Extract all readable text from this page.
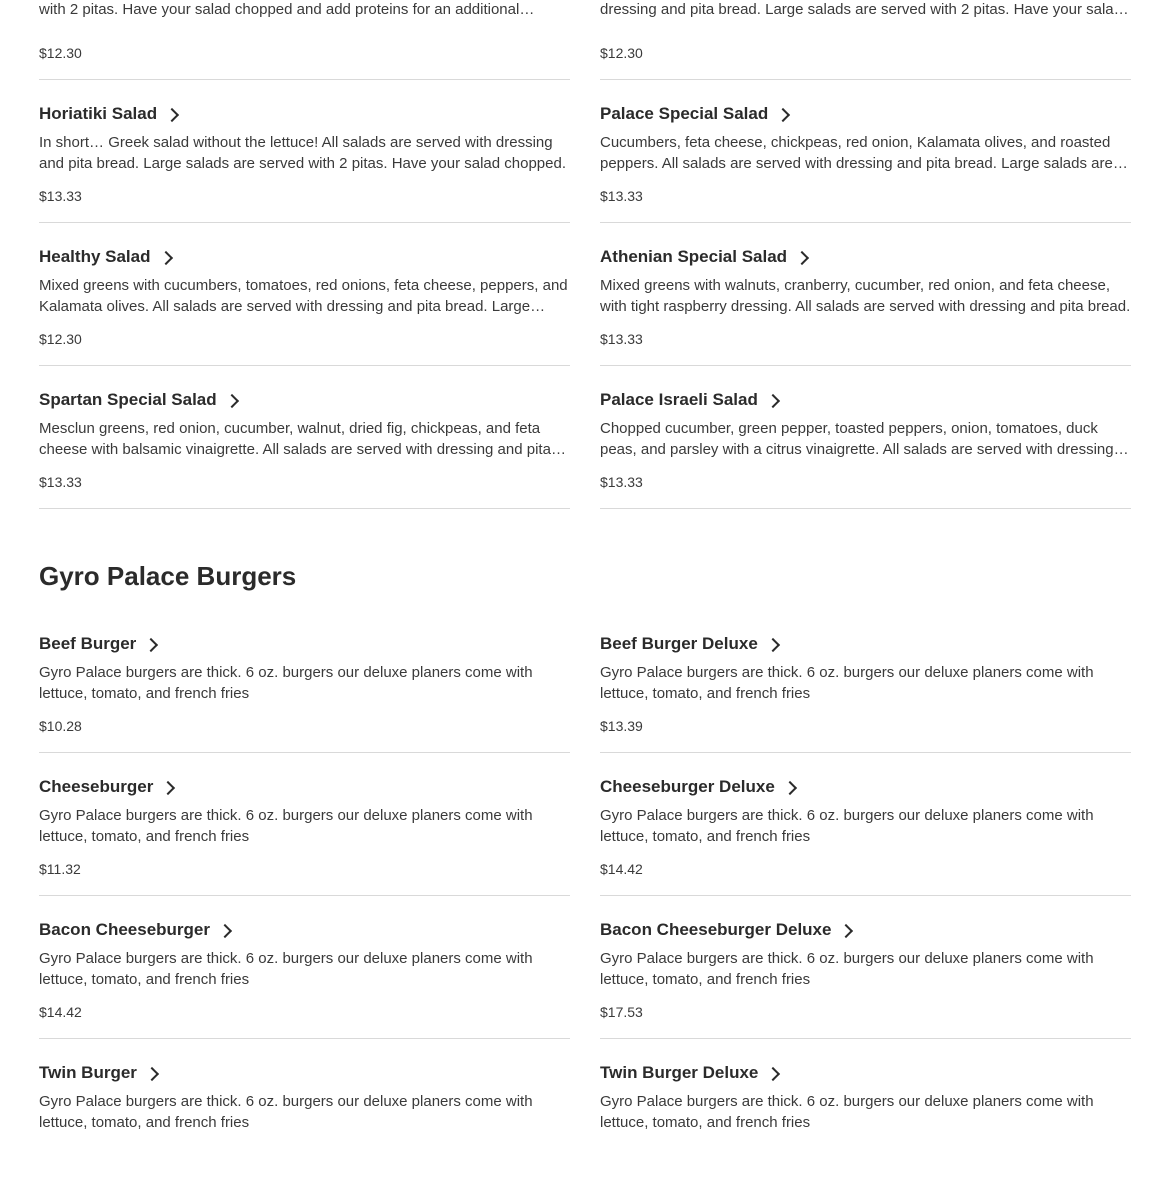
with 2 pitas. Have your salad chopped and add proteins for an additional
$12.30
dressing and pita bread. Large salads are served with 2 pitas. Have your salad
$12.30
Horiatiki Salad
In short… Greek salad without the lettuce! All salads are served with dressing and pita bread. Large salads are served with 2 pitas. Have your salad chopped.
$13.33
Palace Special Salad
Cucumbers, feta cheese, chickpeas, red onion, Kalamata olives, and roasted peppers. All salads are served with dressing and pita bread. Large salads are
$13.33
Healthy Salad
Mixed greens with cucumbers, tomatoes, red onions, feta cheese, peppers, and Kalamata olives. All salads are served with dressing and pita bread. Large
$12.30
Athenian Special Salad
Mixed greens with walnuts, cranberry, cucumber, red onion, and feta cheese, with tight raspberry dressing. All salads are served with dressing and pita bread.
$13.33
Spartan Special Salad
Mesclun greens, red onion, cucumber, walnut, dried fig, chickpeas, and feta cheese with balsamic vinaigrette. All salads are served with dressing and pita
$13.33
Palace Israeli Salad
Chopped cucumber, green pepper, toasted peppers, onion, tomatoes, duck peas, and parsley with a citrus vinaigrette. All salads are served with dressing
$13.33
Gyro Palace Burgers
Beef Burger
Gyro Palace burgers are thick. 6 oz. burgers our deluxe planers come with lettuce, tomato, and french fries
$10.28
Beef Burger Deluxe
Gyro Palace burgers are thick. 6 oz. burgers our deluxe planers come with lettuce, tomato, and french fries
$13.39
Cheeseburger
Gyro Palace burgers are thick. 6 oz. burgers our deluxe planers come with lettuce, tomato, and french fries
$11.32
Cheeseburger Deluxe
Gyro Palace burgers are thick. 6 oz. burgers our deluxe planers come with lettuce, tomato, and french fries
$14.42
Bacon Cheeseburger
Gyro Palace burgers are thick. 6 oz. burgers our deluxe planers come with lettuce, tomato, and french fries
$14.42
Bacon Cheeseburger Deluxe
Gyro Palace burgers are thick. 6 oz. burgers our deluxe planers come with lettuce, tomato, and french fries
$17.53
Twin Burger
Gyro Palace burgers are thick. 6 oz. burgers our deluxe planers come with lettuce, tomato, and french fries
Twin Burger Deluxe
Gyro Palace burgers are thick. 6 oz. burgers our deluxe planers come with lettuce, tomato, and french fries
